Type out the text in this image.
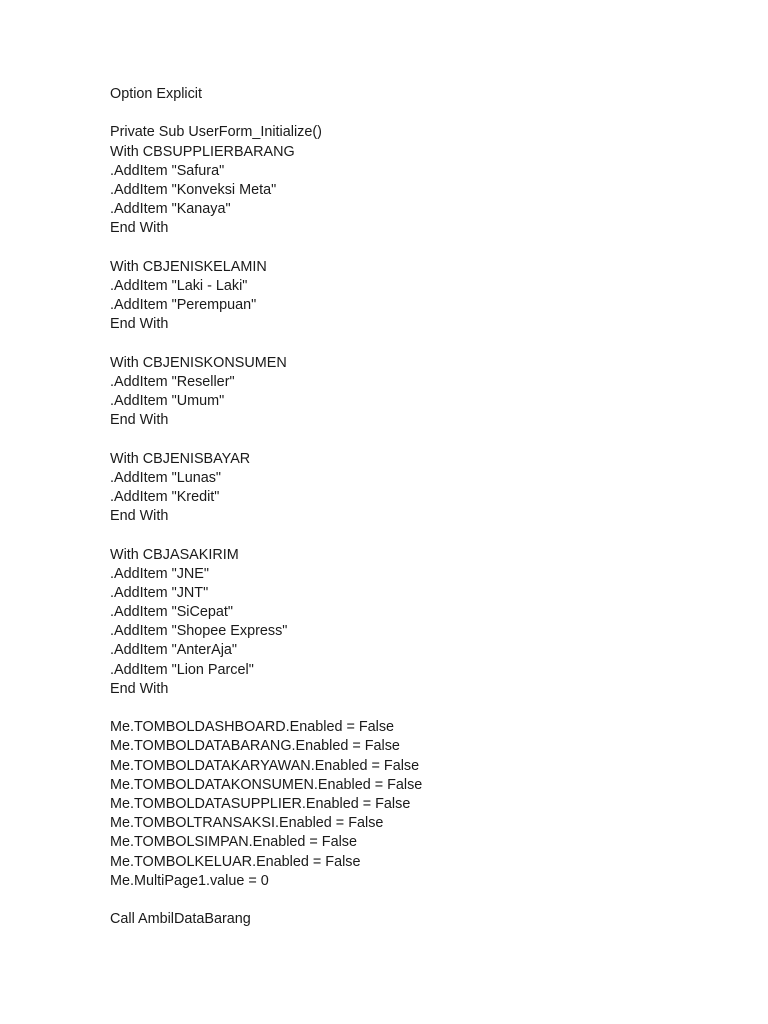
Option Explicit
Private Sub UserForm_Initialize()
With CBSUPPLIERBARANG
.AddItem "Safura"
.AddItem "Konveksi Meta"
.AddItem "Kanaya"
End With
With CBJENISKELAMIN
.AddItem "Laki - Laki"
.AddItem "Perempuan"
End With
With CBJENISKONSUMEN
.AddItem "Reseller"
.AddItem "Umum"
End With
With CBJENISBAYAR
.AddItem "Lunas"
.AddItem "Kredit"
End With
With CBJASAKIRIM
.AddItem "JNE"
.AddItem "JNT"
.AddItem "SiCepat"
.AddItem "Shopee Express"
.AddItem "AnterAja"
.AddItem "Lion Parcel"
End With
Me.TOMBOLDASHBOARD.Enabled = False
Me.TOMBOLDATABARANG.Enabled = False
Me.TOMBOLDATAKARYAWAN.Enabled = False
Me.TOMBOLDATAKONSUMEN.Enabled = False
Me.TOMBOLDATASUPPLIER.Enabled = False
Me.TOMBOLTRANSAKSI.Enabled = False
Me.TOMBOLSIMPAN.Enabled = False
Me.TOMBOLKELUAR.Enabled = False
Me.MultiPage1.value = 0
Call AmbilDataBarang
